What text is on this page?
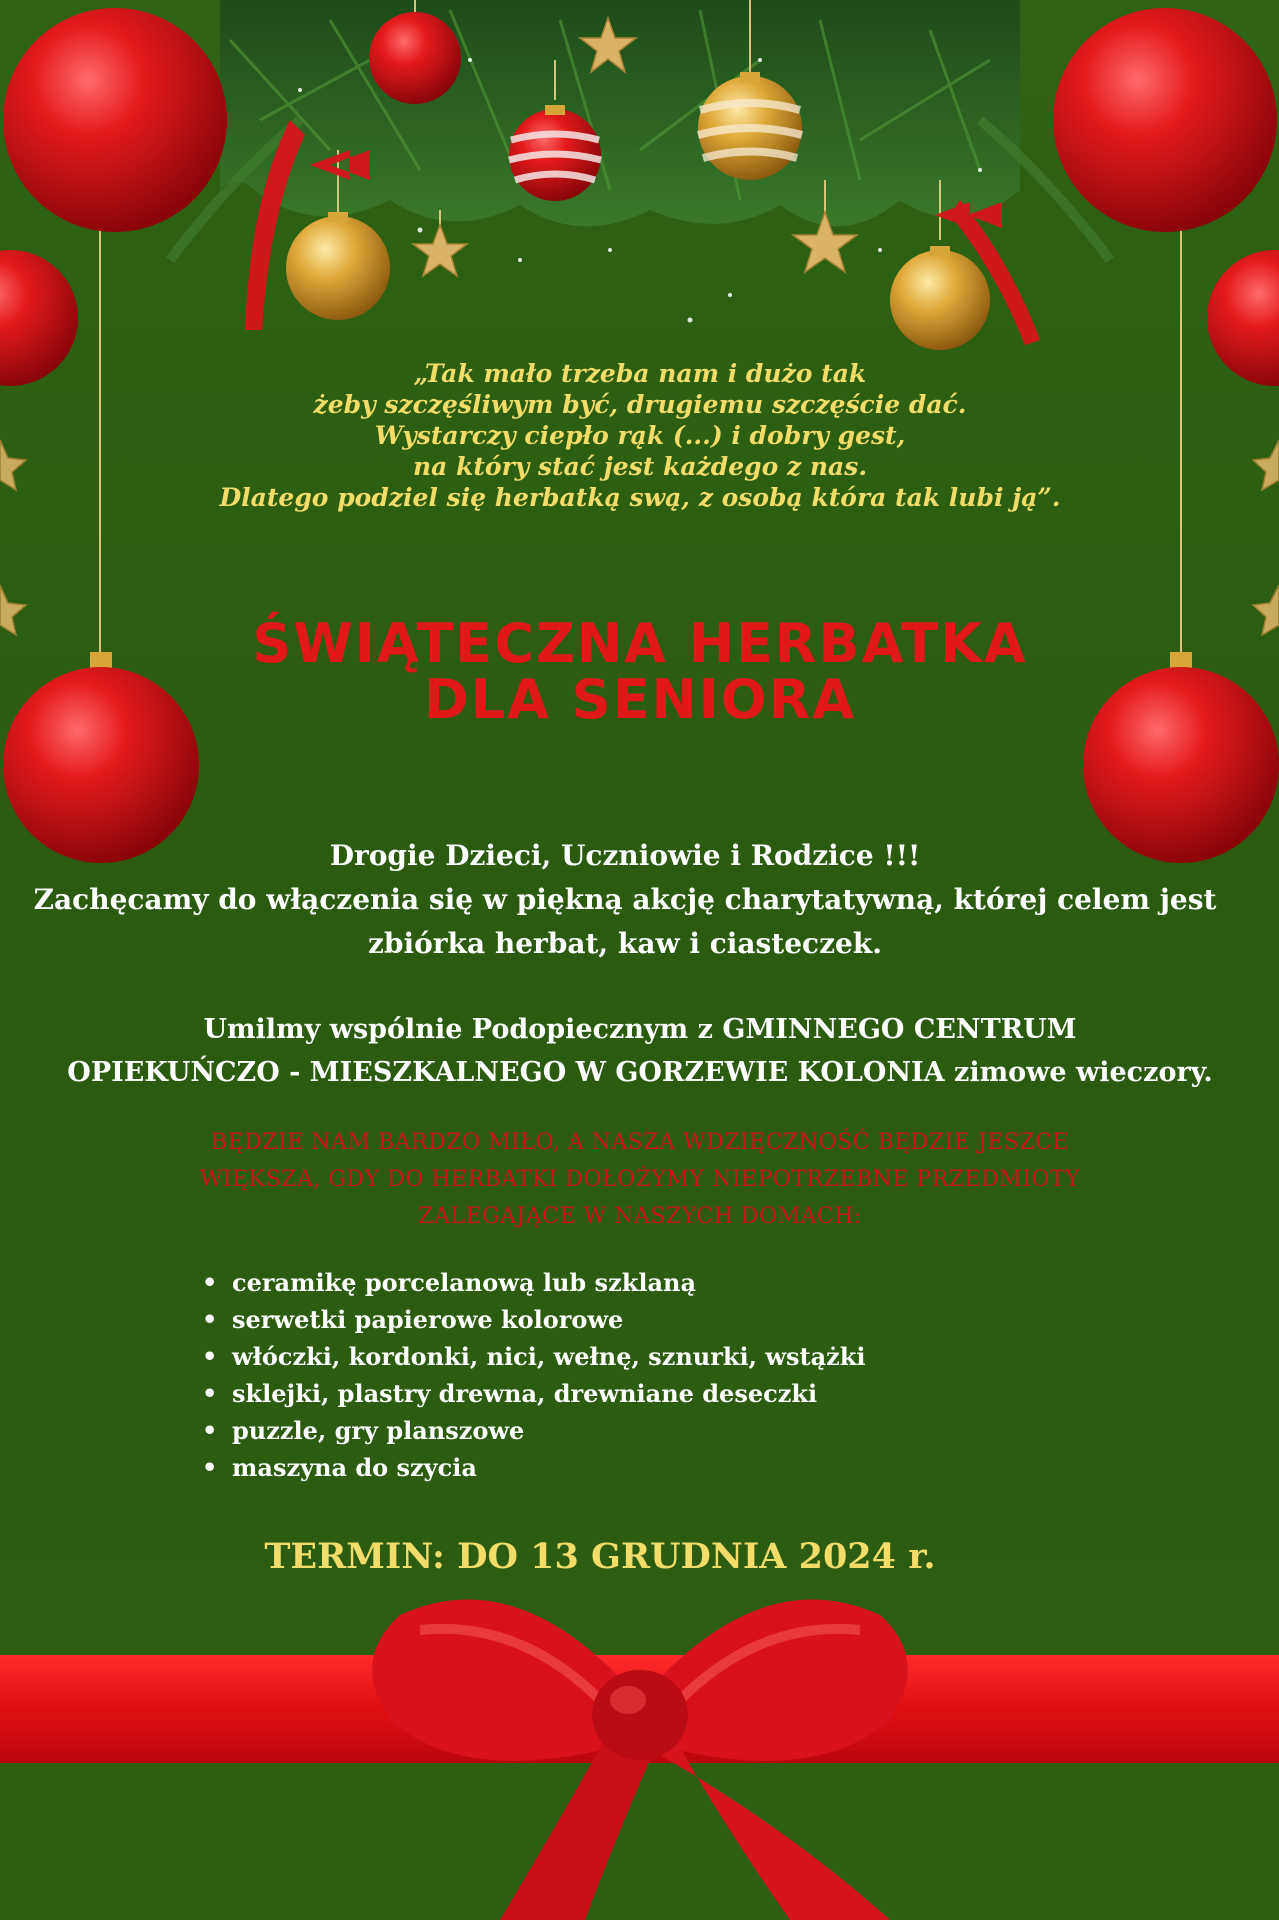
„Tak mało trzeba nam i dużo tak
żeby szczęśliwym być, drugiemu szczęście dać.
Wystarczy ciepło rąk (...) i dobry gest,
na który stać jest każdego z nas.
Dlatego podziel się herbatką swą, z osobą która tak lubi ją”.
ŚWIĄTECZNA HERBATKA
DLA SENIORA
Drogie Dzieci, Uczniowie i Rodzice !!!
Zachęcamy do włączenia się w piękną akcję charytatywną, której celem jest
zbiórka herbat, kaw i ciasteczek.
Umilmy wspólnie Podopiecznym z GMINNEGO CENTRUM
OPIEKUŃCZO - MIESZKALNEGO W GORZEWIE KOLONIA zimowe wieczory.
BĘDZIE NAM BARDZO MIŁO, A NASZA WDZIĘCZNOŚĆ BĘDZIE JESZCE
WIĘKSZA, GDY DO HERBATKI DOŁOŻYMY NIEPOTRZEBNE PRZEDMIOTY
ZALEGAJĄCE W NASZYCH DOMACH:
• ceramikę porcelanową lub szklaną
• serwetki papierowe kolorowe
• włóczki, kordonki, nici, wełnę, sznurki, wstążki
• sklejki, plastry drewna, drewniane deseczki
• puzzle, gry planszowe
• maszyna do szycia
TERMIN: DO 13 GRUDNIA 2024 r.
